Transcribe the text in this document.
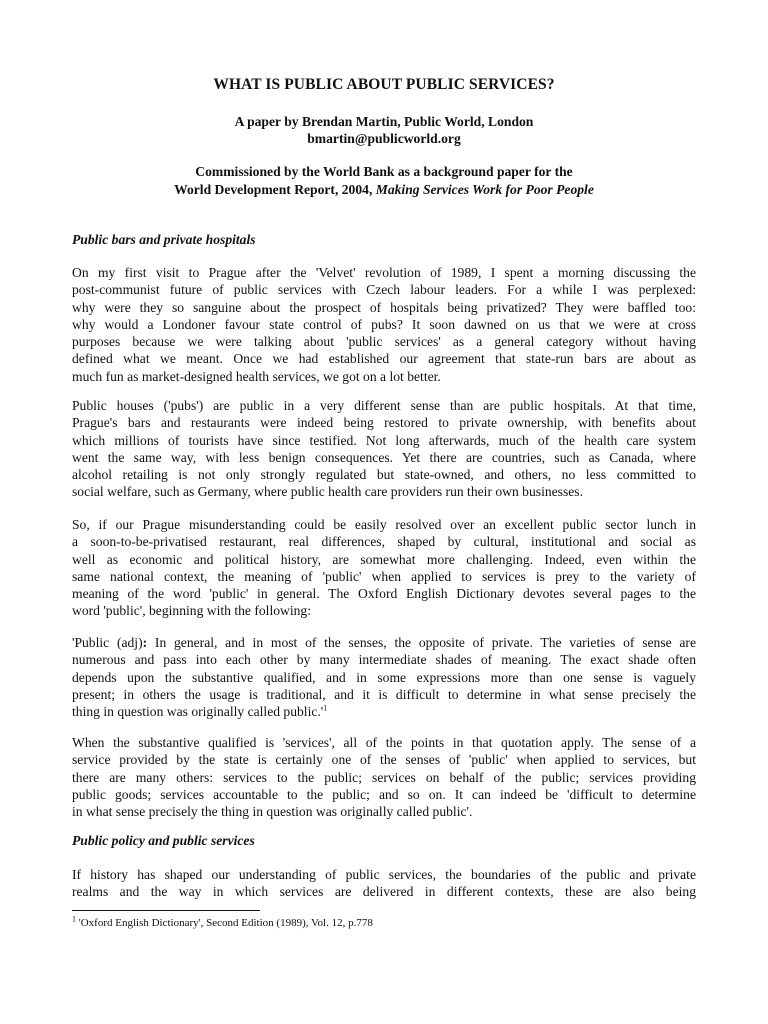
WHAT IS PUBLIC ABOUT PUBLIC SERVICES?
A paper by Brendan Martin, Public World, London
bmartin@publicworld.org
Commissioned by the World Bank as a background paper for the
World Development Report, 2004, Making Services Work for Poor People
Public bars and private hospitals
On my first visit to Prague after the 'Velvet' revolution of 1989, I spent a morning discussing the
post-communist future of public services with Czech labour leaders. For a while I was perplexed:
why were they so sanguine about the prospect of hospitals being privatized? They were baffled too:
why would a Londoner favour state control of pubs? It soon dawned on us that we were at cross
purposes because we were talking about 'public services' as a general category without having
defined what we meant. Once we had established our agreement that state-run bars are about as
much fun as market-designed health services, we got on a lot better.
Public houses ('pubs') are public in a very different sense than are public hospitals. At that time,
Prague's bars and restaurants were indeed being restored to private ownership, with benefits about
which millions of tourists have since testified. Not long afterwards, much of the health care system
went the same way, with less benign consequences. Yet there are countries, such as Canada, where
alcohol retailing is not only strongly regulated but state-owned, and others, no less committed to
social welfare, such as Germany, where public health care providers run their own businesses.
So, if our Prague misunderstanding could be easily resolved over an excellent public sector lunch in
a soon-to-be-privatised restaurant, real differences, shaped by cultural, institutional and social as
well as economic and political history, are somewhat more challenging. Indeed, even within the
same national context, the meaning of 'public' when applied to services is prey to the variety of
meaning of the word 'public' in general. The Oxford English Dictionary devotes several pages to the
word 'public', beginning with the following:
'Public (adj): In general, and in most of the senses, the opposite of private. The varieties of sense are
numerous and pass into each other by many intermediate shades of meaning. The exact shade often
depends upon the substantive qualified, and in some expressions more than one sense is vaguely
present; in others the usage is traditional, and it is difficult to determine in what sense precisely the
thing in question was originally called $public.'^1$
When the substantive qualified is 'services', all of the points in that quotation apply. The sense of a
service provided by the state is certainly one of the senses of 'public' when applied to services, but
there are many others: services to the public; services on behalf of the public; services providing
public goods; services accountable to the public; and so on. It can indeed be 'difficult to determine
in what sense precisely the thing in question was originally called public'.
Public policy and public services
If history has shaped our understanding of public services, the boundaries of the public and private
realms and the way in which services are delivered in different contexts, these are also being

$^1$ 'Oxford English Dictionary', Second Edition (1989), Vol. 12, p.778
